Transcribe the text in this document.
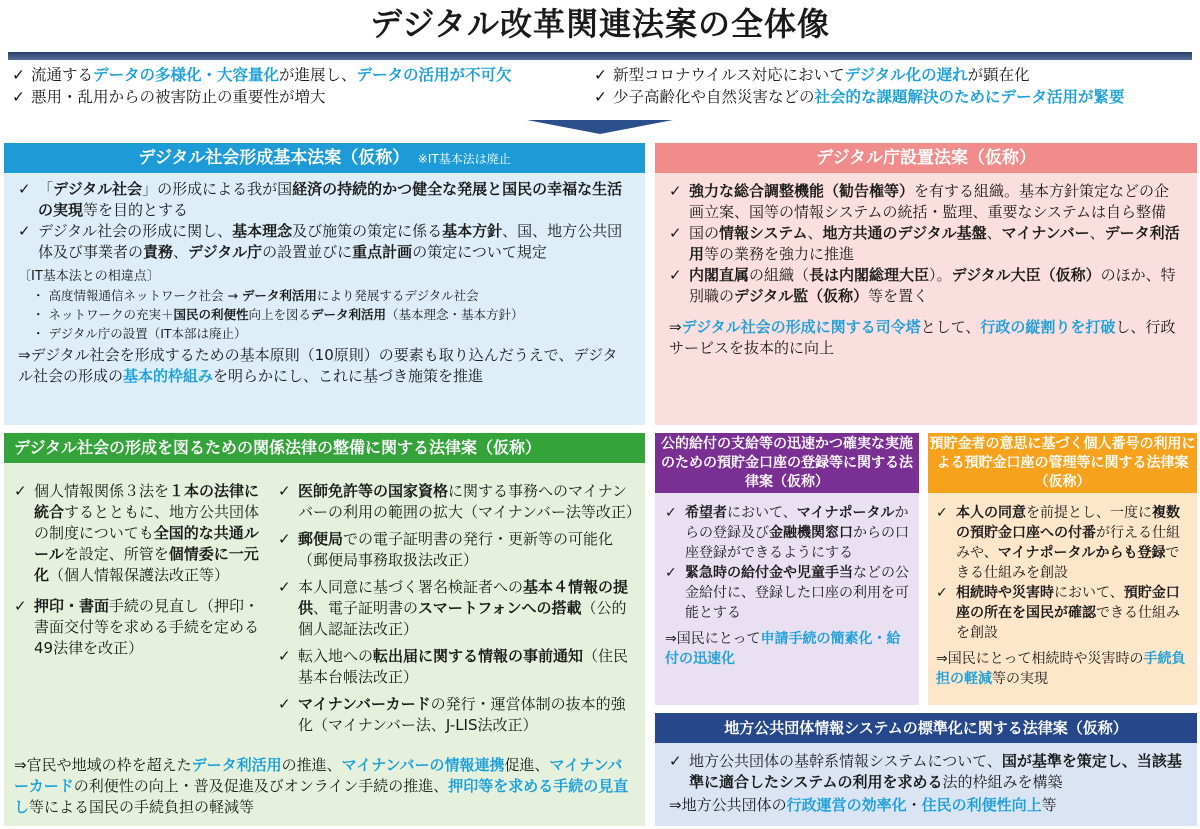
デジタル改革関連法案の全体像
✓ 流通するデータの多様化・大容量化が進展し、データの活用が不可欠
✓ 悪用・乱用からの被害防止の重要性が増大
✓ 新型コロナウイルス対応においてデジタル化の遅れが顕在化
✓ 少子高齢化や自然災害などの社会的な課題解決のためにデータ活用が緊要
デジタル社会形成基本法案（仮称）　 ※IT基本法は廃止
✓ 「デジタル社会」の形成による我が国経済の持続的かつ健全な発展と国民の幸福な生活の実現等を目的とする
✓ デジタル社会の形成に関し、基本理念及び施策の策定に係る基本方針、国、地方公共団体及び事業者の責務、デジタル庁の設置並びに重点計画の策定について規定
〔IT基本法との相違点〕
・ 高度情報通信ネットワーク社会 → データ利活用により発展するデジタル社会
・ ネットワークの充実＋国民の利便性向上を図るデータ利活用（基本理念・基本方針）
・ デジタル庁の設置（IT本部は廃止）
⇒デジタル社会を形成するための基本原則（10原則）の要素も取り込んだうえで、デジタル社会の形成の基本的枠組みを明らかにし、これに基づき施策を推進
デジタル庁設置法案（仮称）
✓ 強力な総合調整機能（勧告権等）を有する組織。基本方針策定などの企画立案、国等の情報システムの統括・監理、重要なシステムは自ら整備
✓ 国の情報システム、地方共通のデジタル基盤、マイナンバー、データ利活用等の業務を強力に推進
✓ 内閣直属の組織（長は内閣総理大臣）。デジタル大臣（仮称）のほか、特別職のデジタル監（仮称）等を置く
⇒デジタル社会の形成に関する司令塔として、行政の縦割りを打破し、行政サービスを抜本的に向上
デジタル社会の形成を図るための関係法律の整備に関する法律案（仮称）
✓ 個人情報関係３法を１本の法律に統合するとともに、地方公共団体の制度についても全国的な共通ルールを設定、所管を個情委に一元化（個人情報保護法改正等）
✓ 押印・書面手続の見直し（押印・書面交付等を求める手続を定める49法律を改正）
✓ 医師免許等の国家資格に関する事務へのマイナンバーの利用の範囲の拡大（マイナンバー法等改正）
✓ 郵便局での電子証明書の発行・更新等の可能化（郵便局事務取扱法改正）
✓ 本人同意に基づく署名検証者への基本４情報の提供、電子証明書のスマートフォンへの搭載（公的個人認証法改正）
✓ 転入地への転出届に関する情報の事前通知（住民基本台帳法改正）
✓ マイナンバーカードの発行・運営体制の抜本的強化（マイナンバー法、J-LIS法改正）
⇒官民や地域の枠を超えたデータ利活用の推進、マイナンバーの情報連携促進、マイナンバーカードの利便性の向上・普及促進及びオンライン手続の推進、押印等を求める手続の見直し等による国民の手続負担の軽減等
公的給付の支給等の迅速かつ確実な実施のための預貯金口座の登録等に関する法律案（仮称）
✓ 希望者において、マイナポータルからの登録及び金融機関窓口からの口座登録ができるようにする
✓ 緊急時の給付金や児童手当などの公金給付に、登録した口座の利用を可能とする
⇒国民にとって申請手続の簡素化・給付の迅速化
預貯金者の意思に基づく個人番号の利用による預貯金口座の管理等に関する法律案（仮称）
✓ 本人の同意を前提とし、一度に複数の預貯金口座への付番が行える仕組みや、マイナポータルからも登録できる仕組みを創設
✓ 相続時や災害時において、預貯金口座の所在を国民が確認できる仕組みを創設
⇒国民にとって相続時や災害時の手続負担の軽減等の実現
地方公共団体情報システムの標準化に関する法律案（仮称）
✓ 地方公共団体の基幹系情報システムについて、国が基準を策定し、当該基準に適合したシステムの利用を求める法的枠組みを構築
⇒地方公共団体の行政運営の効率化・住民の利便性向上等
